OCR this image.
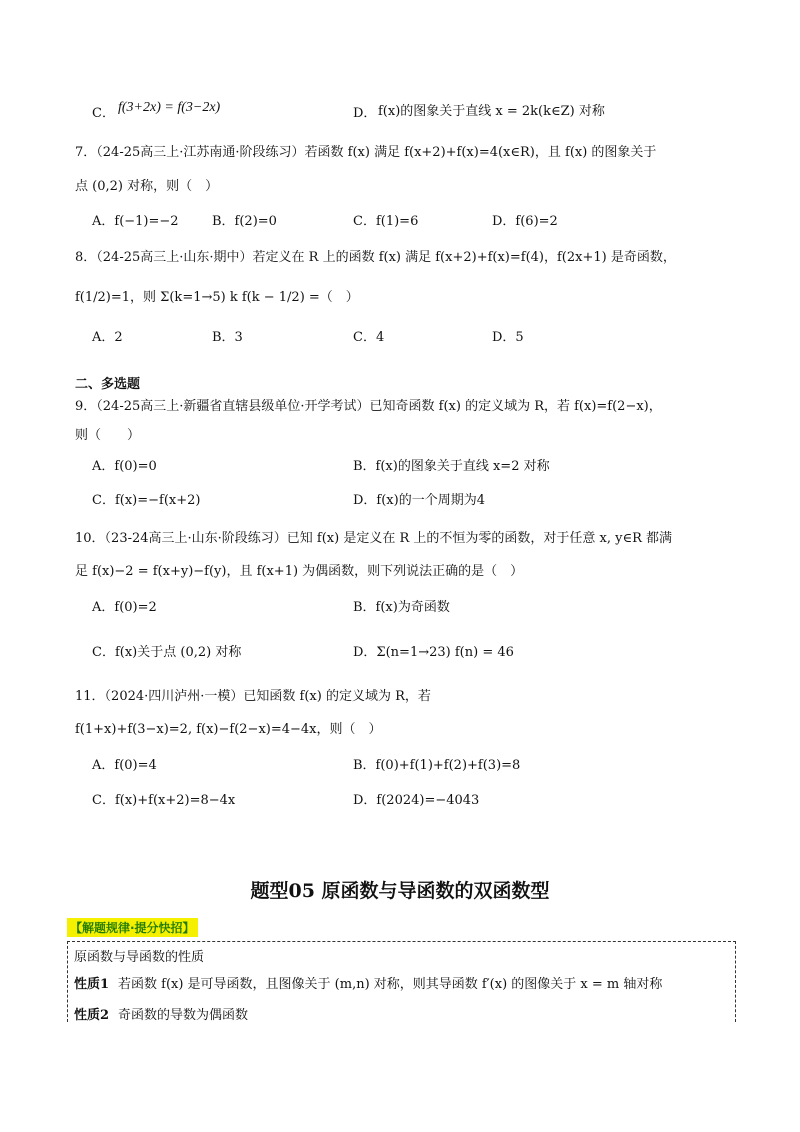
C． f(3+2x) = f(3−2x)	D． f(x)的图象关于直线 x = 2k(k∈Z) 对称
7．（24-25高三上·江苏南通·阶段练习）若函数 f(x) 满足 f(x+2)+f(x)=4(x∈R)，且 f(x) 的图象关于
点 (0,2) 对称，则（　）
A．f(−1)=−2	B．f(2)=0	C．f(1)=6	D．f(6)=2
8．（24-25高三上·山东·期中）若定义在 R 上的函数 f(x) 满足 f(x+2)+f(x)=f(4)，f(2x+1) 是奇函数，
f(1/2)=1，则 Σ(k=1→5) k f(k − 1/2) =（　）
A．2	B．3	C．4	D．5
二、多选题
9．（24-25高三上·新疆省直辖县级单位·开学考试）已知奇函数 f(x) 的定义域为 R，若 f(x)=f(2−x)，
则（　　）
A．f(0)=0	B．f(x)的图象关于直线 x=2 对称
C．f(x)=−f(x+2)	D．f(x)的一个周期为4
10．（23-24高三上·山东·阶段练习）已知 f(x) 是定义在 R 上的不恒为零的函数，对于任意 x, y∈R 都满
足 f(x)−2 = f(x+y)−f(y)，且 f(x+1) 为偶函数，则下列说法正确的是（　）
A．f(0)=2	B．f(x)为奇函数
C．f(x)关于点 (0,2) 对称	D．Σ(n=1→23) f(n) = 46
11．（2024·四川泸州·一模）已知函数 f(x) 的定义域为 R，若
f(1+x)+f(3−x)=2, f(x)−f(2−x)=4−4x，则（　）
A．f(0)=4	B．f(0)+f(1)+f(2)+f(3)=8
C．f(x)+f(x+2)=8−4x	D．f(2024)=−4043
题型05 原函数与导函数的双函数型
【解题规律·提分快招】
原函数与导函数的性质
性质1 若函数 f(x) 是可导函数，且图像关于 (m,n) 对称，则其导函数 f′(x) 的图像关于 x = m 轴对称
性质2 奇函数的导数为偶函数
